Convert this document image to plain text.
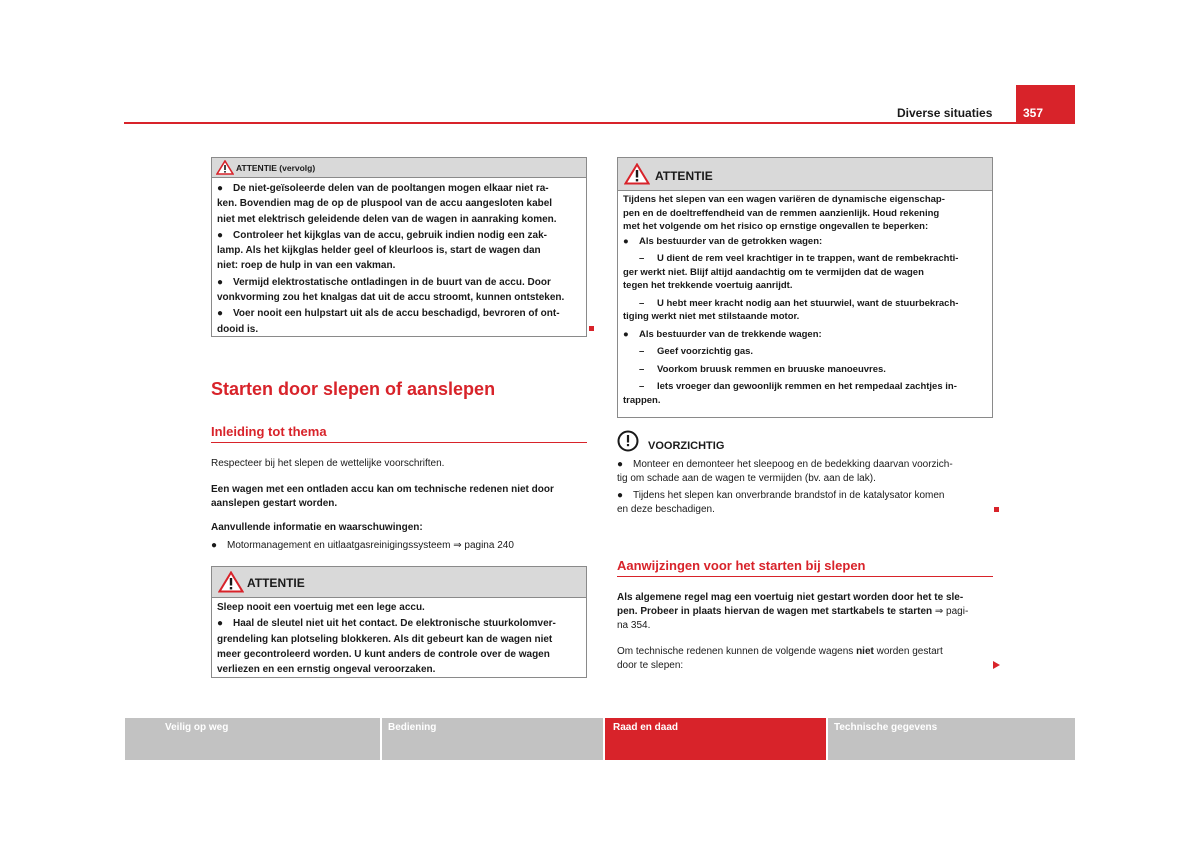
Diverse situaties	357
ATTENTIE (vervolg)

● De niet-geïsoleerde delen van de pooltangen mogen elkaar niet ra-
ken. Bovendien mag de op de pluspool van de accu aangesloten kabel
niet met elektrisch geleidende delen van de wagen in aanraking komen.

● Controleer het kijkglas van de accu, gebruik indien nodig een zak-
lamp. Als het kijkglas helder geel of kleurloos is, start de wagen dan
niet: roep de hulp in van een vakman.

● Vermijd elektrostatische ontladingen in de buurt van de accu. Door
vonkvorming zou het knalgas dat uit de accu stroomt, kunnen ontsteken.

● Voer nooit een hulpstart uit als de accu beschadigd, bevroren of ont-
dooid is.

Starten door slepen of aanslepen
Inleiding tot thema
Respecteer bij het slepen de wettelijke voorschriften.
Een wagen met een ontladen accu kan om technische redenen niet door
aanslepen gestart worden.
Aanvullende informatie en waarschuwingen:
● Motormanagement en uitlaatgasreinigingssysteem ⇒ pagina 240
ATTENTIE

Sleep nooit een voertuig met een lege accu.

● Haal de sleutel niet uit het contact. De elektronische stuurkolomver-
grendeling kan plotseling blokkeren. Als dit gebeurt kan de wagen niet
meer gecontroleerd worden. U kunt anders de controle over de wagen
verliezen en een ernstig ongeval veroorzaken.

ATTENTIE

Tijdens het slepen van een wagen variëren de dynamische eigenschap-
pen en de doeltreffendheid van de remmen aanzienlijk. Houd rekening
met het volgende om het risico op ernstige ongevallen te beperken:

● Als bestuurder van de getrokken wagen:

– U dient de rem veel krachtiger in te trappen, want de rembekrachti-
ger werkt niet. Blijf altijd aandachtig om te vermijden dat de wagen
tegen het trekkende voertuig aanrijdt.

– U hebt meer kracht nodig aan het stuurwiel, want de stuurbekrach-
tiging werkt niet met stilstaande motor.

● Als bestuurder van de trekkende wagen:

– Geef voorzichtig gas.

– Voorkom bruusk remmen en bruuske manoeuvres.

– Iets vroeger dan gewoonlijk remmen en het rempedaal zachtjes in-
trappen.

VOORZICHTIG
● Monteer en demonteer het sleepoog en de bedekking daarvan voorzich-
tig om schade aan de wagen te vermijden (bv. aan de lak).
● Tijdens het slepen kan onverbrande brandstof in de katalysator komen
en deze beschadigen.
Aanwijzingen voor het starten bij slepen
Als algemene regel mag een voertuig niet gestart worden door het te sle-
pen. Probeer in plaats hiervan de wagen met startkabels te starten ⇒ pagi-
na 354.
Om technische redenen kunnen de volgende wagens niet worden gestart
door te slepen:
Veilig op weg	Bediening	Raad en daad	Technische gegevens
